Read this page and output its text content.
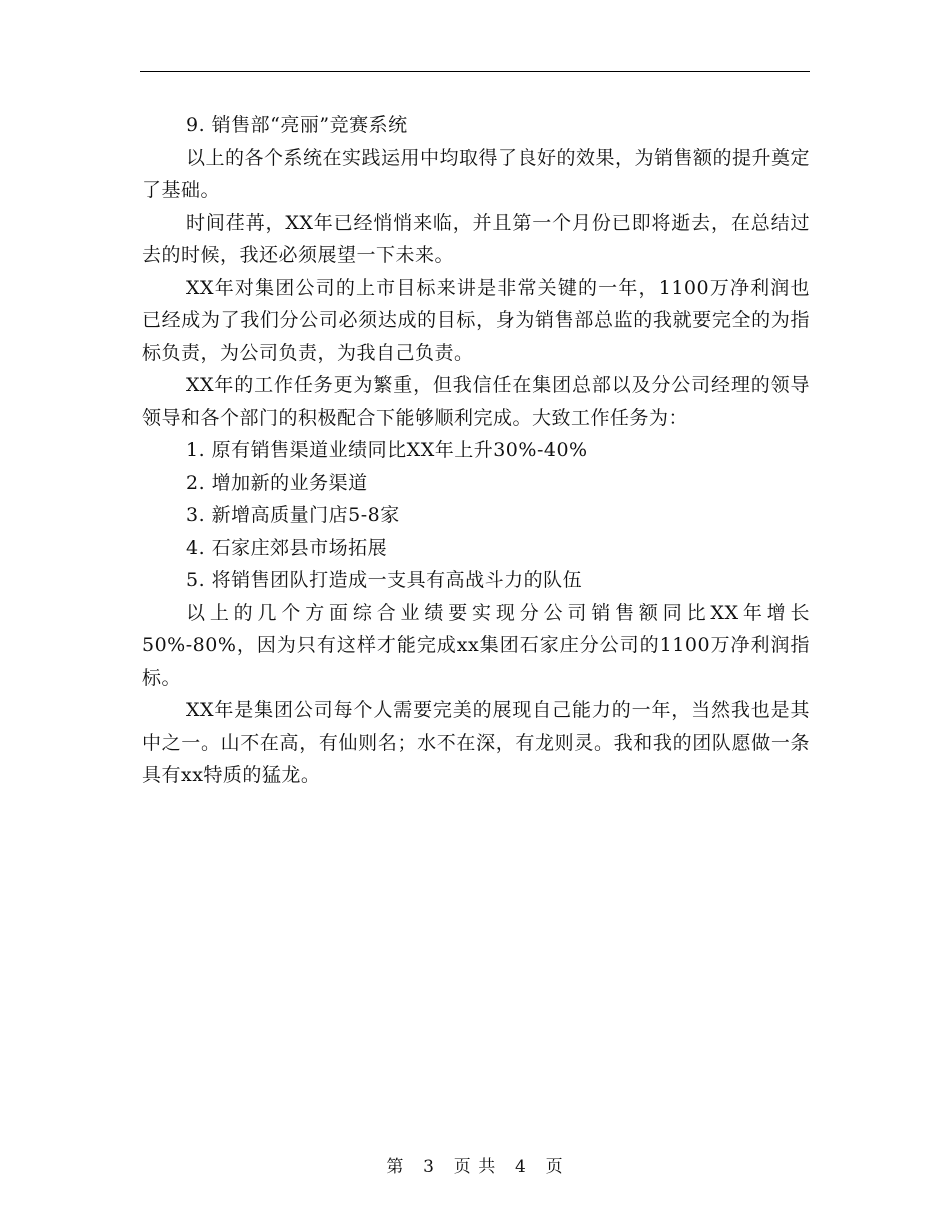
9. 销售部“亮丽”竞赛系统

以上的各个系统在实践运用中均取得了良好的效果，为销售额的提升奠定了基础。

时间荏苒，XX年已经悄悄来临，并且第一个月份已即将逝去，在总结过去的时候，我还必须展望一下未来。

XX年对集团公司的上市目标来讲是非常关键的一年，1100万净利润也已经成为了我们分公司必须达成的目标，身为销售部总监的我就要完全的为指标负责，为公司负责，为我自己负责。

XX年的工作任务更为繁重，但我信任在集团总部以及分公司经理的领导领导和各个部门的积极配合下能够顺利完成。大致工作任务为：

1. 原有销售渠道业绩同比XX年上升30%-40%

2. 增加新的业务渠道

3. 新增高质量门店5-8家

4. 石家庄郊县市场拓展

5. 将销售团队打造成一支具有高战斗力的队伍

以上的几个方面综合业绩要实现分公司销售额同比XX年增长50%-80%，因为只有这样才能完成xx集团石家庄分公司的1100万净利润指标。

XX年是集团公司每个人需要完美的展现自己能力的一年，当然我也是其中之一。山不在高，有仙则名；水不在深，有龙则灵。我和我的团队愿做一条具有xx特质的猛龙。

第 3 页 共 4 页
